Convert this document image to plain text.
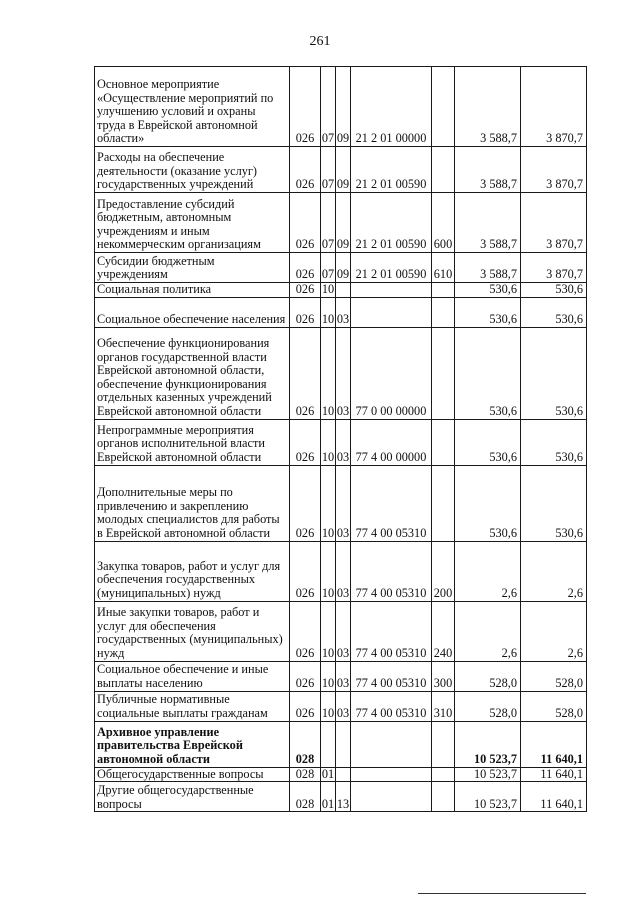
261
Основное мероприятие «Осуществление мероприятий по улучшению условий и охраны труда в Еврейской автономной области»	026	07	09	21 2 01 00000		3 588,7	3 870,7
Расходы на обеспечение деятельности (оказание услуг) государственных учреждений	026	07	09	21 2 01 00590		3 588,7	3 870,7
Предоставление субсидий бюджетным, автономным учреждениям и иным некоммерческим организациям	026	07	09	21 2 01 00590	600	3 588,7	3 870,7
Субсидии бюджетным учреждениям	026	07	09	21 2 01 00590	610	3 588,7	3 870,7
Социальная политика	026	10				530,6	530,6
Социальное обеспечение населения	026	10	03			530,6	530,6
Обеспечение функционирования органов государственной власти Еврейской автономной области, обеспечение функционирования отдельных казенных учреждений Еврейской автономной области	026	10	03	77 0 00 00000		530,6	530,6
Непрограммные мероприятия органов исполнительной власти Еврейской автономной области	026	10	03	77 4 00 00000		530,6	530,6
Дополнительные меры по привлечению и закреплению молодых специалистов для работы в Еврейской автономной области	026	10	03	77 4 00 05310		530,6	530,6
Закупка товаров, работ и услуг для обеспечения государственных (муниципальных) нужд	026	10	03	77 4 00 05310	200	2,6	2,6
Иные закупки товаров, работ и услуг для обеспечения государственных (муниципальных) нужд	026	10	03	77 4 00 05310	240	2,6	2,6
Социальное обеспечение и иные выплаты населению	026	10	03	77 4 00 05310	300	528,0	528,0
Публичные нормативные социальные выплаты гражданам	026	10	03	77 4 00 05310	310	528,0	528,0
Архивное управление правительства Еврейской автономной области	028					10 523,7	11 640,1
Общегосударственные вопросы	028	01				10 523,7	11 640,1
Другие общегосударственные вопросы	028	01	13			10 523,7	11 640,1
